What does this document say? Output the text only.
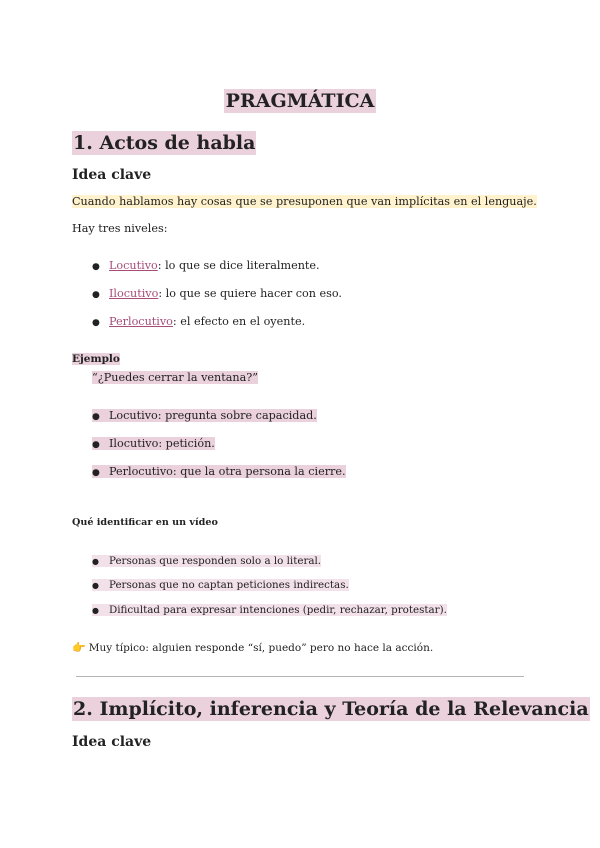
PRAGMÁTICA
1. Actos de habla
Idea clave
Cuando hablamos hay cosas que se presuponen que van implícitas en el lenguaje.
Hay tres niveles:
● Locutivo: lo que se dice literalmente.
● Ilocutivo: lo que se quiere hacer con eso.
● Perlocutivo: el efecto en el oyente.
Ejemplo
“¿Puedes cerrar la ventana?”
● Locutivo: pregunta sobre capacidad.
● Ilocutivo: petición.
● Perlocutivo: que la otra persona la cierre.
Qué identificar en un vídeo
● Personas que responden solo a lo literal.
● Personas que no captan peticiones indirectas.
● Dificultad para expresar intenciones (pedir, rechazar, protestar).
👉 Muy típico: alguien responde “sí, puedo” pero no hace la acción.
2. Implícito, inferencia y Teoría de la Relevancia
Idea clave
